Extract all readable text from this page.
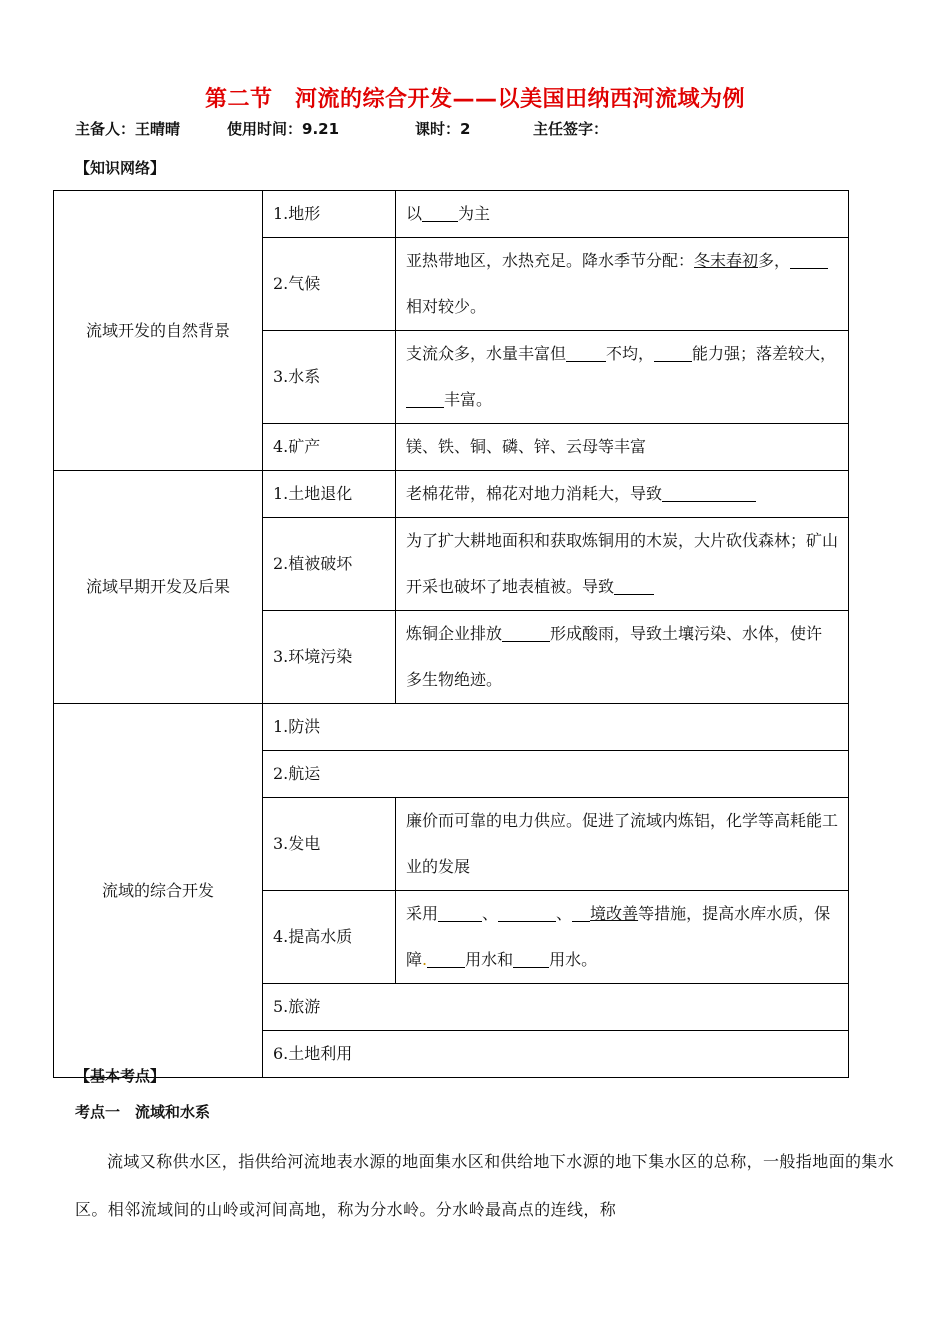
第二节　河流的综合开发——以美国田纳西河流域为例
主备人：王晴晴	使用时间：9.21	课时：2	主任签字：
【知识网络】
流域开发的自然背景	1.地形	以 为主
	2.气候	亚热带地区，水热充足。降水季节分配：冬末春初多，相对较少。
	3.水系	支流众多，水量丰富但 不均， 能力强；落差较大，丰富。
	4.矿产	镁、铁、铜、磷、锌、云母等丰富
流域早期开发及后果	1.土地退化	老棉花带，棉花对地力消耗大，导致
	2.植被破坏	为了扩大耕地面积和获取炼铜用的木炭，大片砍伐森林；矿山开采也破坏了地表植被。导致
	3.环境污染	炼铜企业排放 形成酸雨，导致土壤污染、水体，使许多生物绝迹。
流域的综合开发	1.防洪	
	2.航运	
	3.发电	廉价而可靠的电力供应。促进了流域内炼铝，化学等高耗能工业的发展
	4.提高水质	采用 、 、 境改善等措施，提高水库水质，保障. 用水和 用水。
	5.旅游	
	6.土地利用	
【基本考点】
考点一　流域和水系
流域又称供水区，指供给河流地表水源的地面集水区和供给地下水源的地下集水区的总称，一般指地面的集水区。相邻流域间的山岭或河间高地，称为分水岭。分水岭最高点的连线，称
